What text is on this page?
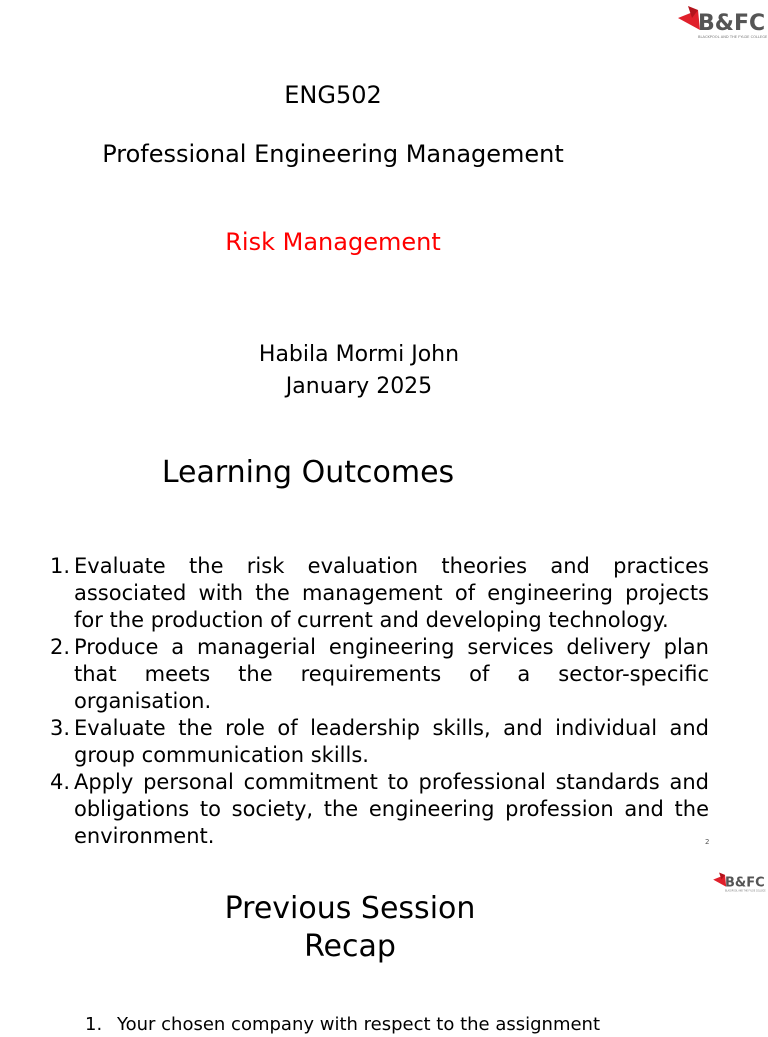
B&FC
BLACKPOOL AND THE FYLDE COLLEGE
ENG502
Professional Engineering Management
Risk Management
Habila Mormi John
January 2025
Learning Outcomes
1. Evaluate the risk evaluation theories and practices associated with the management of engineering projects for the production of current and developing technology.
2. Produce a managerial engineering services delivery plan that meets the requirements of a sector-specific organisation.
3. Evaluate the role of leadership skills, and individual and group communication skills.
4. Apply personal commitment to professional standards and obligations to society, the engineering profession and the environment.	2
B&FC
BLACKPOOL AND THE FYLDE COLLEGE
Previous Session
Recap
1. Your chosen company with respect to the assignment
